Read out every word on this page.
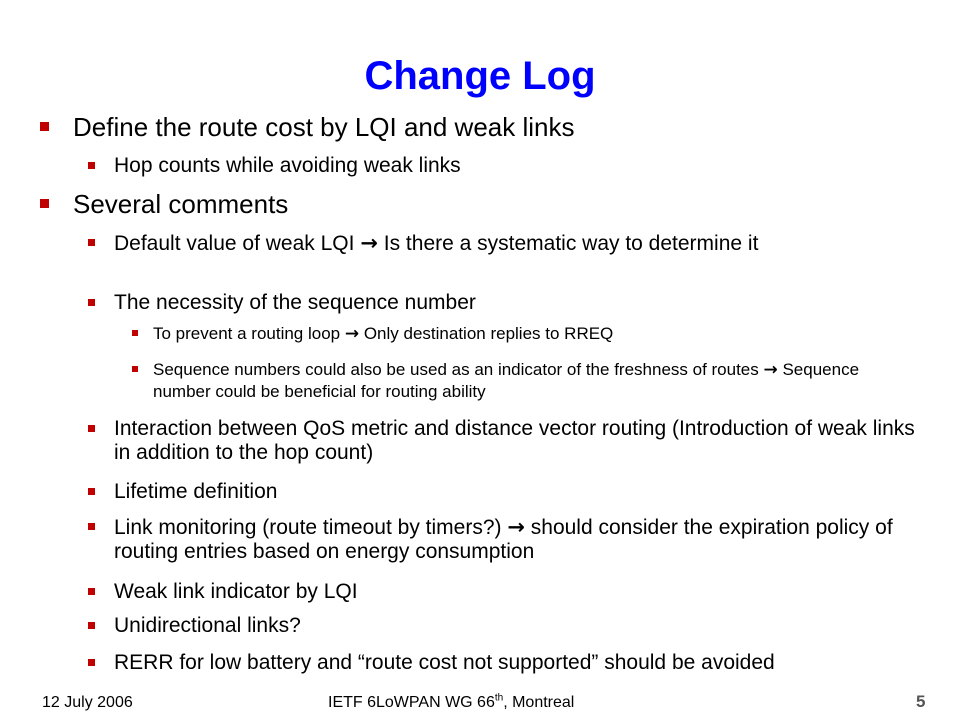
Change Log
Define the route cost by LQI and weak links
Hop counts while avoiding weak links
Several comments
Default value of weak LQI → Is there a systematic way to determine it
The necessity of the sequence number
To prevent a routing loop → Only destination replies to RREQ
Sequence numbers could also be used as an indicator of the freshness of routes → Sequence number could be beneficial for routing ability
Interaction between QoS metric and distance vector routing (Introduction of weak links in addition to the hop count)
Lifetime definition
Link monitoring (route timeout by timers?) → should consider the expiration policy of routing entries based on energy consumption
Weak link indicator by LQI
Unidirectional links?
RERR for low battery and “route cost not supported” should be avoided
12 July 2006	IETF 6LoWPAN WG 66th, Montreal	5
